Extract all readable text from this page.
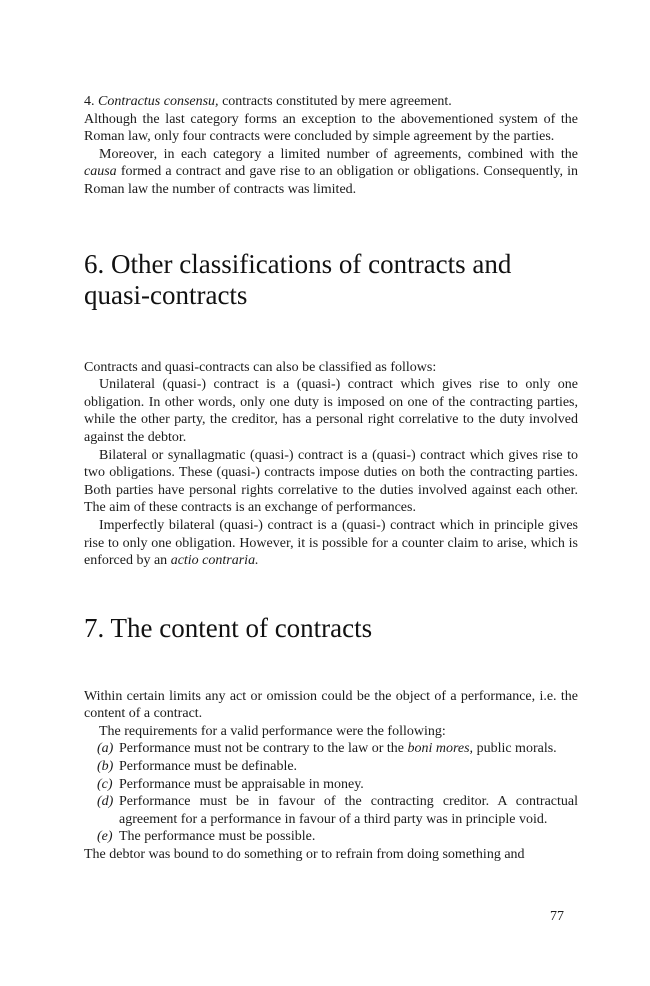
4. Contractus consensu, contracts constituted by mere agreement.

Although the last category forms an exception to the abovementioned system of the Roman law, only four contracts were concluded by simple agreement by the parties.

Moreover, in each category a limited number of agreements, combined with the causa formed a contract and gave rise to an obligation or obligations. Consequently, in Roman law the number of contracts was limited.

6. Other classifications of contracts and quasi-contracts

Contracts and quasi-contracts can also be classified as follows:

Unilateral (quasi-) contract is a (quasi-) contract which gives rise to only one obligation. In other words, only one duty is imposed on one of the contracting parties, while the other party, the creditor, has a personal right correlative to the duty involved against the debtor.

Bilateral or synallagmatic (quasi-) contract is a (quasi-) contract which gives rise to two obligations. These (quasi-) contracts impose duties on both the contracting parties. Both parties have personal rights correlative to the duties involved against each other. The aim of these contracts is an exchange of performances.

Imperfectly bilateral (quasi-) contract is a (quasi-) contract which in principle gives rise to only one obligation. However, it is possible for a counter claim to arise, which is enforced by an actio contraria.

7. The content of contracts

Within certain limits any act or omission could be the object of a performance, i.e. the content of a contract.

The requirements for a valid performance were the following:

(a) Performance must not be contrary to the law or the boni mores, public morals.
(b) Performance must be definable.
(c) Performance must be appraisable in money.
(d) Performance must be in favour of the contracting creditor. A contractual agreement for a performance in favour of a third party was in principle void.
(e) The performance must be possible.

The debtor was bound to do something or to refrain from doing something and

77
